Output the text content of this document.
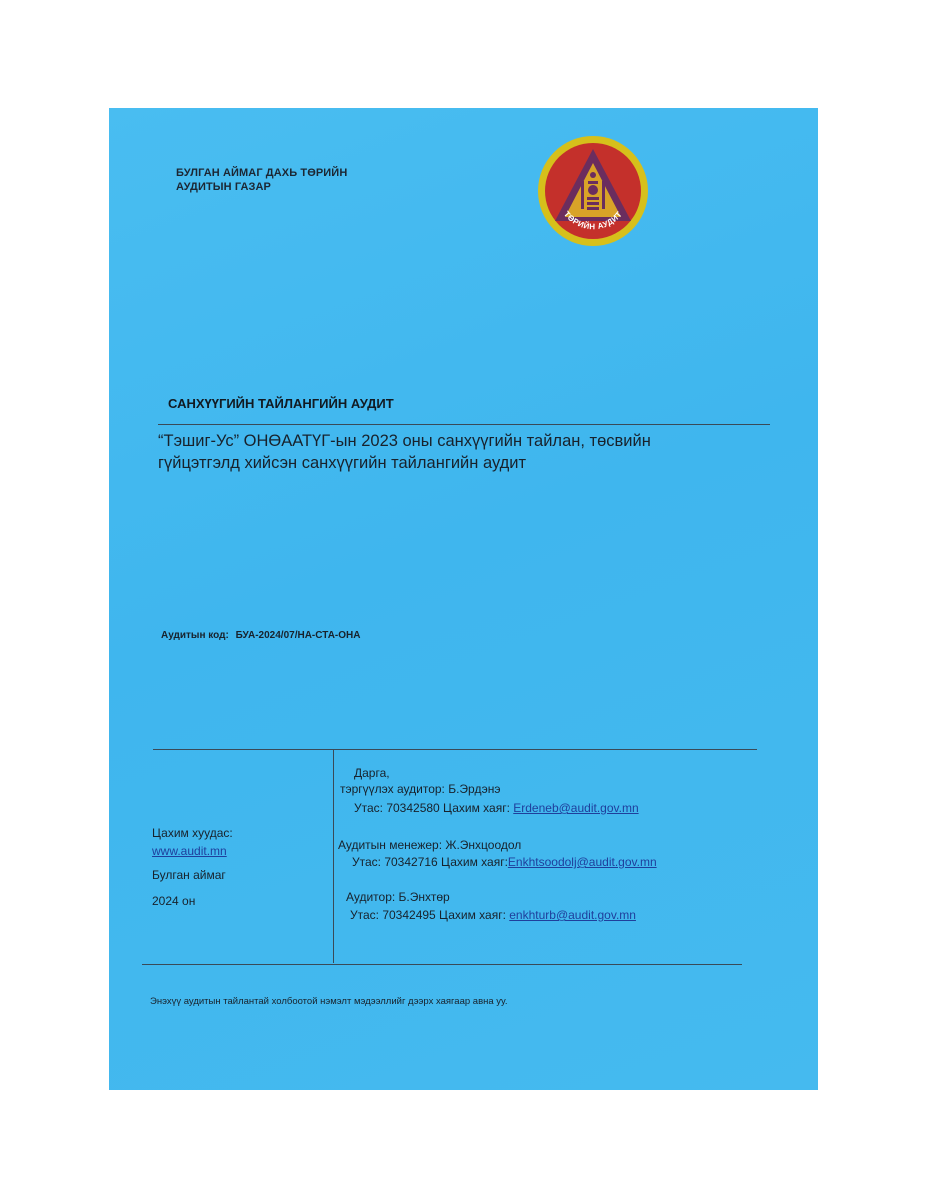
БУЛГАН АЙМАГ ДАХЬ ТӨРИЙН
АУДИТЫН ГАЗАР
ТӨРИЙН АУДИТ
САНХҮҮГИЙН ТАЙЛАНГИЙН АУДИТ
“Тэшиг-Ус” ОНӨААТҮГ-ын 2023 оны санхүүгийн тайлан, төсвийн
гүйцэтгэлд хийсэн санхүүгийн тайлангийн аудит
Аудитын код: БУА-2024/07/НА-СТА-ОНА
Цахим хуудас:
www.audit.mn
Булган аймаг
2024 он
Дарга,
тэргүүлэх аудитор: Б.Эрдэнэ
Утас: 70342580 Цахим хаяг: Erdeneb@audit.gov.mn
Аудитын менежер: Ж.Энхцоодол
Утас: 70342716 Цахим хаяг:Enkhtsoodolj@audit.gov.mn
Аудитор: Б.Энхтөр
Утас: 70342495 Цахим хаяг: enkhturb@audit.gov.mn
Энэхүү аудитын тайлантай холбоотой нэмэлт мэдээллийг дээрх хаягаар авна уу.
